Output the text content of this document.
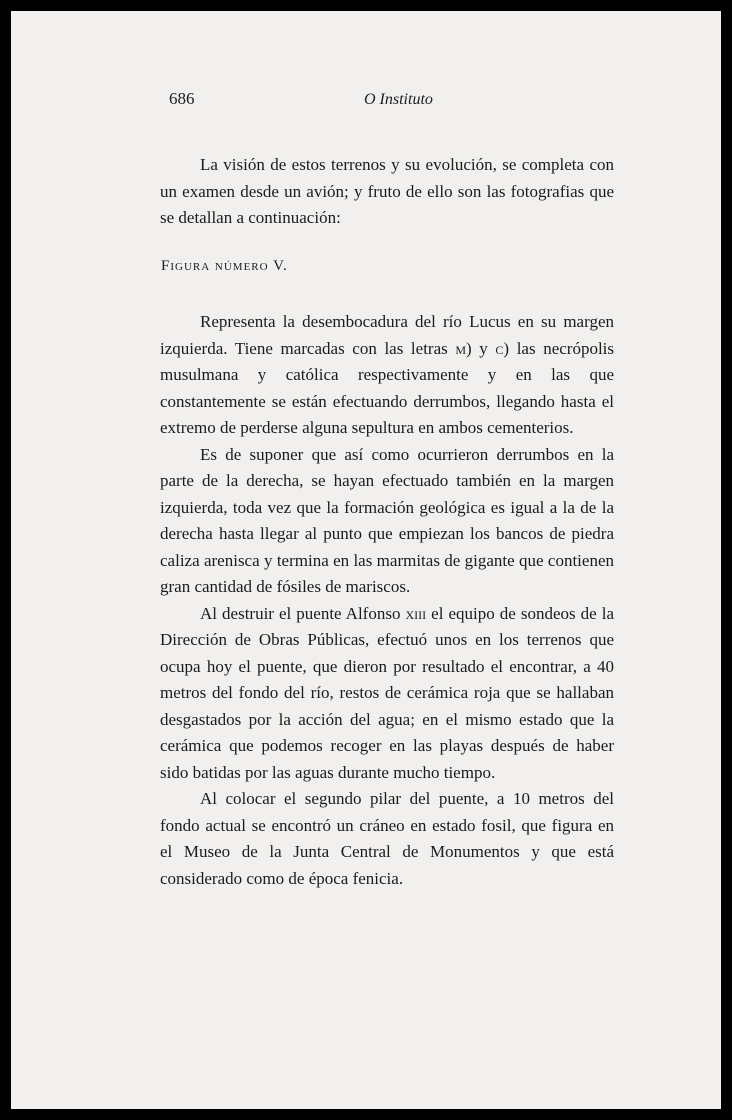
686	O Instituto

La visión de estos terrenos y su evolución, se completa con un examen desde un avión; y fruto de ello son las fotografias que se detallan a continuación:

Figura número V.

Representa la desembocadura del río Lucus en su margen izquierda. Tiene marcadas con las letras m) y c) las necrópolis musulmana y católica respectivamente y en las que constantemente se están efectuando derrumbos, llegando hasta el extremo de perderse alguna sepultura en ambos cementerios.

Es de suponer que así como ocurrieron derrumbos en la parte de la derecha, se hayan efectuado también en la margen izquierda, toda vez que la formación geológica es igual a la de la derecha hasta llegar al punto que empiezan los bancos de piedra caliza arenisca y termina en las marmitas de gigante que contienen gran cantidad de fósiles de mariscos.

Al destruir el puente Alfonso xiii el equipo de sondeos de la Dirección de Obras Públicas, efectuó unos en los terrenos que ocupa hoy el puente, que dieron por resultado el encontrar, a 40 metros del fondo del río, restos de cerámica roja que se hallaban desgastados por la acción del agua; en el mismo estado que la cerámica que podemos recoger en las playas después de haber sido batidas por las aguas durante mucho tiempo.

Al colocar el segundo pilar del puente, a 10 metros del fondo actual se encontró un cráneo en estado fosil, que figura en el Museo de la Junta Central de Monumentos y que está considerado como de época fenicia.
